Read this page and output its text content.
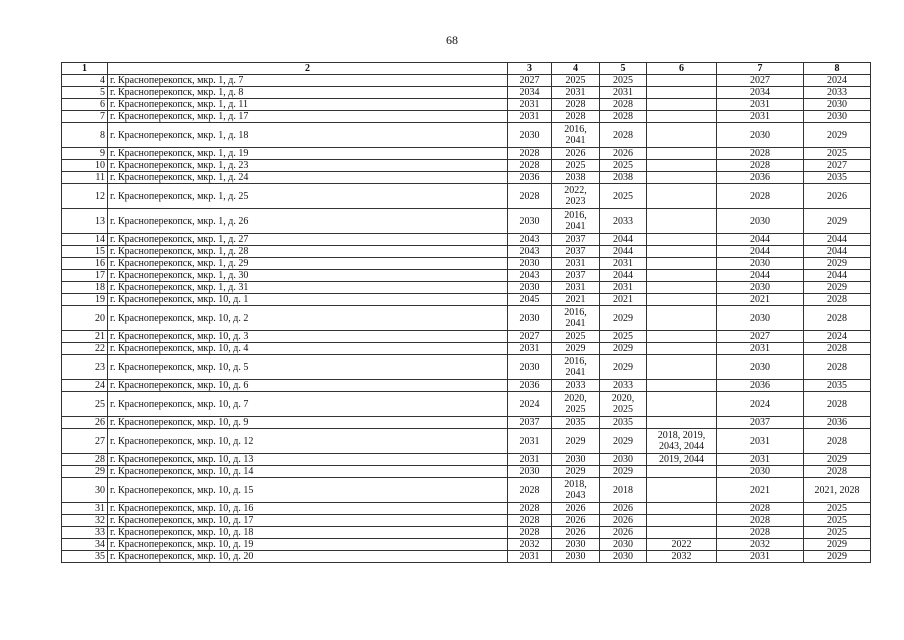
68
1	2	3	4	5	6	7	8
4	г. Красноперекопск, мкр. 1, д. 7	2027	2025	2025		2027	2024
5	г. Красноперекопск, мкр. 1, д. 8	2034	2031	2031		2034	2033
6	г. Красноперекопск, мкр. 1, д. 11	2031	2028	2028		2031	2030
7	г. Красноперекопск, мкр. 1, д. 17	2031	2028	2028		2031	2030
8	г. Красноперекопск, мкр. 1, д. 18	2030	2016, 2041	2028		2030	2029
9	г. Красноперекопск, мкр. 1, д. 19	2028	2026	2026		2028	2025
10	г. Красноперекопск, мкр. 1, д. 23	2028	2025	2025		2028	2027
11	г. Красноперекопск, мкр. 1, д. 24	2036	2038	2038		2036	2035
12	г. Красноперекопск, мкр. 1, д. 25	2028	2022, 2023	2025		2028	2026
13	г. Красноперекопск, мкр. 1, д. 26	2030	2016, 2041	2033		2030	2029
14	г. Красноперекопск, мкр. 1, д. 27	2043	2037	2044		2044	2044
15	г. Красноперекопск, мкр. 1, д. 28	2043	2037	2044		2044	2044
16	г. Красноперекопск, мкр. 1, д. 29	2030	2031	2031		2030	2029
17	г. Красноперекопск, мкр. 1, д. 30	2043	2037	2044		2044	2044
18	г. Красноперекопск, мкр. 1, д. 31	2030	2031	2031		2030	2029
19	г. Красноперекопск, мкр. 10, д. 1	2045	2021	2021		2021	2028
20	г. Красноперекопск, мкр. 10, д. 2	2030	2016, 2041	2029		2030	2028
21	г. Красноперекопск, мкр. 10, д. 3	2027	2025	2025		2027	2024
22	г. Красноперекопск, мкр. 10, д. 4	2031	2029	2029		2031	2028
23	г. Красноперекопск, мкр. 10, д. 5	2030	2016, 2041	2029		2030	2028
24	г. Красноперекопск, мкр. 10, д. 6	2036	2033	2033		2036	2035
25	г. Красноперекопск, мкр. 10, д. 7	2024	2020, 2025	2020, 2025		2024	2028
26	г. Красноперекопск, мкр. 10, д. 9	2037	2035	2035		2037	2036
27	г. Красноперекопск, мкр. 10, д. 12	2031	2029	2029	2018, 2019, 2043, 2044	2031	2028
28	г. Красноперекопск, мкр. 10, д. 13	2031	2030	2030	2019, 2044	2031	2029
29	г. Красноперекопск, мкр. 10, д. 14	2030	2029	2029		2030	2028
30	г. Красноперекопск, мкр. 10, д. 15	2028	2018, 2043	2018		2021	2021, 2028
31	г. Красноперекопск, мкр. 10, д. 16	2028	2026	2026		2028	2025
32	г. Красноперекопск, мкр. 10, д. 17	2028	2026	2026		2028	2025
33	г. Красноперекопск, мкр. 10, д. 18	2028	2026	2026		2028	2025
34	г. Красноперекопск, мкр. 10, д. 19	2032	2030	2030	2022	2032	2029
35	г. Красноперекопск, мкр. 10, д. 20	2031	2030	2030	2032	2031	2029
